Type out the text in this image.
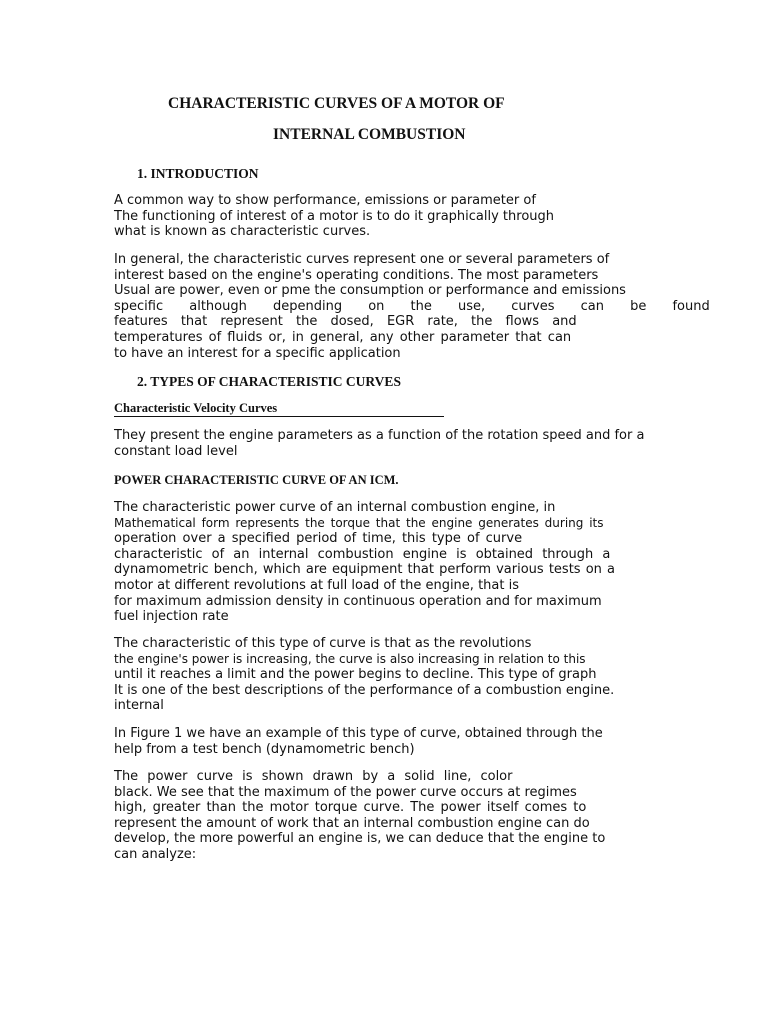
CHARACTERISTIC CURVES OF A MOTOR OF
INTERNAL COMBUSTION
1. INTRODUCTION
A common way to show performance, emissions or parameter of
The functioning of interest of a motor is to do it graphically through
what is known as characteristic curves.
In general, the characteristic curves represent one or several parameters of
interest based on the engine's operating conditions. The most parameters
Usual are power, even or pme the consumption or performance and emissions
specific although depending on the use, curves can be found
features that represent the dosed, EGR rate, the flows and
temperatures of fluids or, in general, any other parameter that can
to have an interest for a specific application
2. TYPES OF CHARACTERISTIC CURVES
Characteristic Velocity Curves
They present the engine parameters as a function of the rotation speed and for a
constant load level
POWER CHARACTERISTIC CURVE OF AN ICM.
The characteristic power curve of an internal combustion engine, in
Mathematical form represents the torque that the engine generates during its
operation over a specified period of time, this type of curve
characteristic of an internal combustion engine is obtained through a
dynamometric bench, which are equipment that perform various tests on a
motor at different revolutions at full load of the engine, that is
for maximum admission density in continuous operation and for maximum
fuel injection rate
The characteristic of this type of curve is that as the revolutions
the engine's power is increasing, the curve is also increasing in relation to this
until it reaches a limit and the power begins to decline. This type of graph
It is one of the best descriptions of the performance of a combustion engine.
internal
In Figure 1 we have an example of this type of curve, obtained through the
help from a test bench (dynamometric bench)
The power curve is shown drawn by a solid line, color
black. We see that the maximum of the power curve occurs at regimes
high, greater than the motor torque curve. The power itself comes to
represent the amount of work that an internal combustion engine can do
develop, the more powerful an engine is, we can deduce that the engine to
can analyze:
